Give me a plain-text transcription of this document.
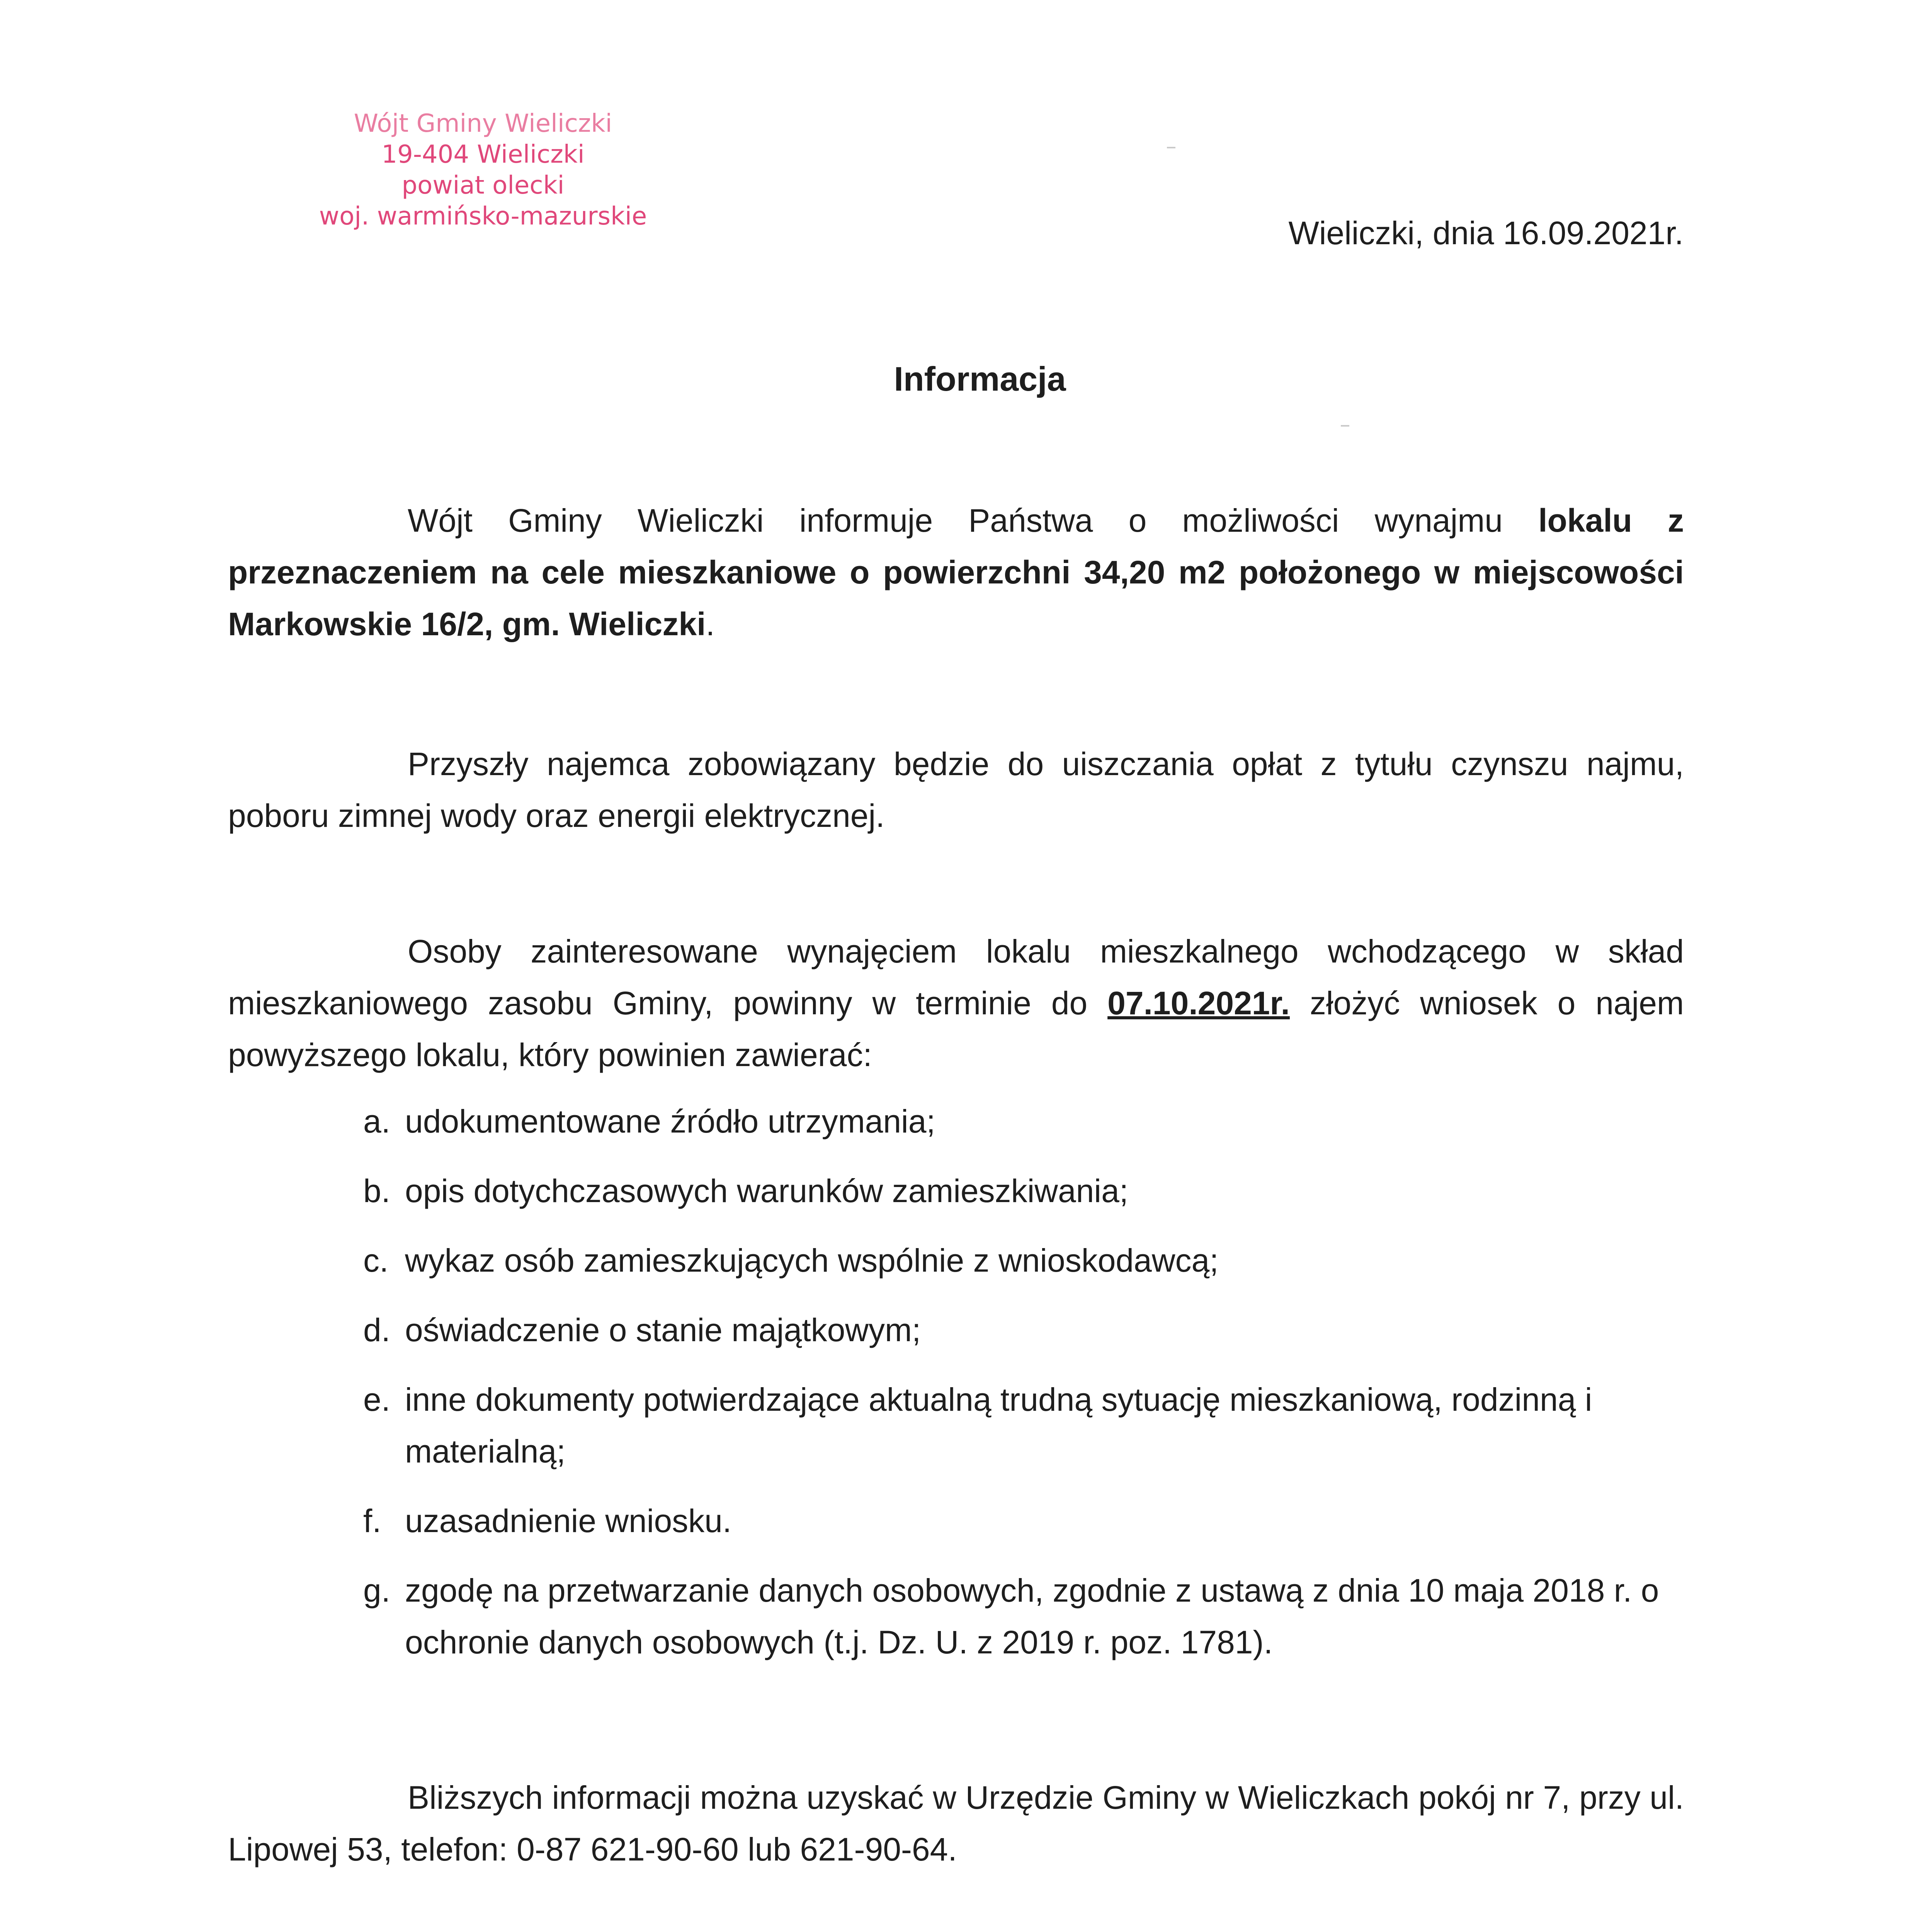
Wójt Gminy Wieliczki
19-404 Wieliczki
powiat olecki
woj. warmińsko-mazurskie	Wieliczki, dnia 16.09.2021r.
Informacja
Wójt Gminy Wieliczki informuje Państwa o możliwości wynajmu lokalu z przeznaczeniem na cele mieszkaniowe o powierzchni 34,20 m2 położonego w miejscowości Markowskie 16/2, gm. Wieliczki.
Przyszły najemca zobowiązany będzie do uiszczania opłat z tytułu czynszu najmu, poboru zimnej wody oraz energii elektrycznej.
Osoby zainteresowane wynajęciem lokalu mieszkalnego wchodzącego w skład mieszkaniowego zasobu Gminy, powinny w terminie do 07.10.2021r. złożyć wniosek o najem powyższego lokalu, który powinien zawierać:
a. udokumentowane źródło utrzymania;
b. opis dotychczasowych warunków zamieszkiwania;
c. wykaz osób zamieszkujących wspólnie z wnioskodawcą;
d. oświadczenie o stanie majątkowym;
e. inne dokumenty potwierdzające aktualną trudną sytuację mieszkaniową, rodzinną i materialną;
f. uzasadnienie wniosku.
g. zgodę na przetwarzanie danych osobowych, zgodnie z ustawą z dnia 10 maja 2018 r. o ochronie danych osobowych (t.j. Dz. U. z 2019 r. poz. 1781).
Bliższych informacji można uzyskać w Urzędzie Gminy w Wieliczkach pokój nr 7, przy ul. Lipowej 53, telefon: 0-87 621-90-60 lub 621-90-64.
